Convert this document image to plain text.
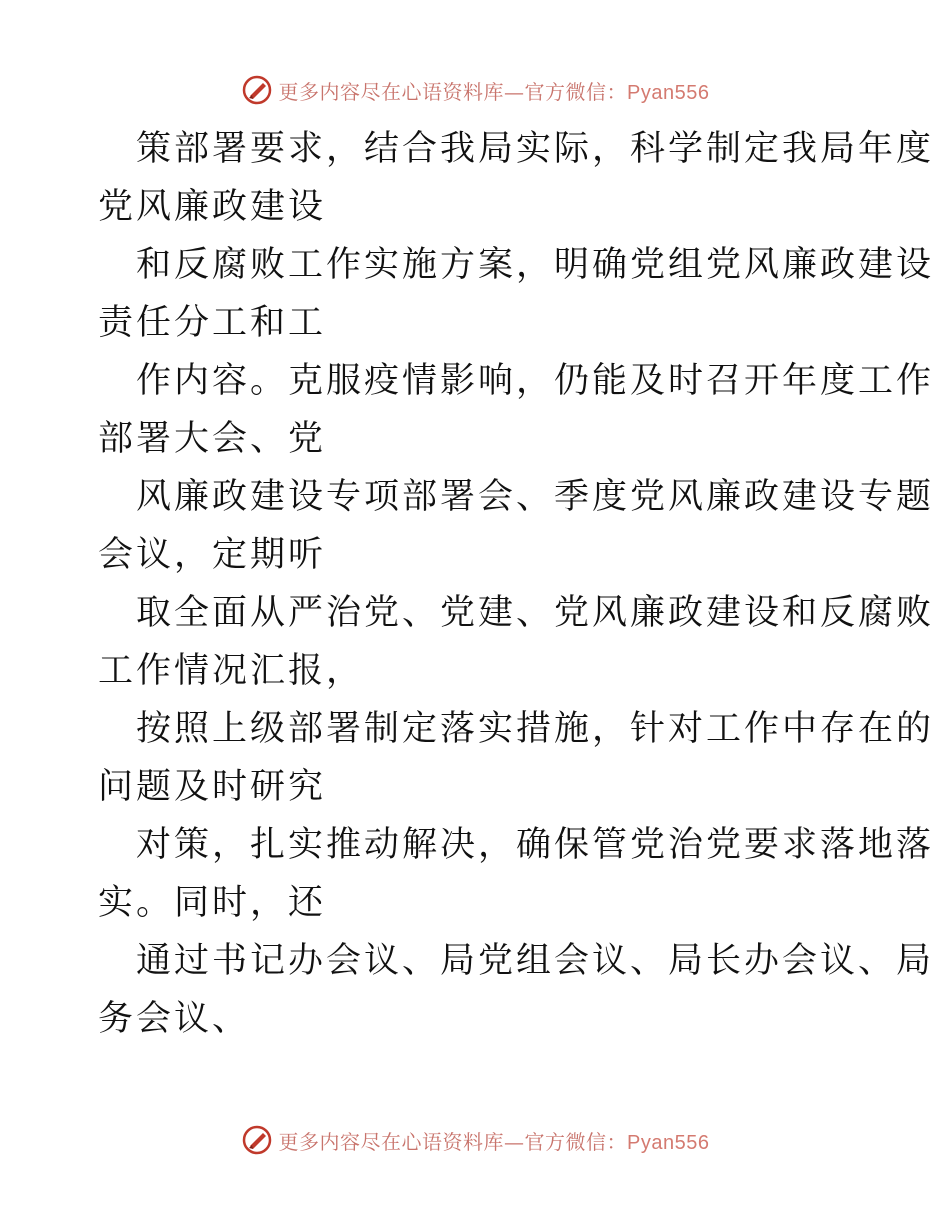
更多内容尽在心语资料库—官方微信：Pyan556

策部署要求，结合我局实际，科学制定我局年度
党风廉政建设

和反腐败工作实施方案，明确党组党风廉政建设
责任分工和工

作内容。克服疫情影响，仍能及时召开年度工作
部署大会、党

风廉政建设专项部署会、季度党风廉政建设专题
会议，定期听

取全面从严治党、党建、党风廉政建设和反腐败
工作情况汇报，

按照上级部署制定落实措施，针对工作中存在的
问题及时研究

对策，扎实推动解决，确保管党治党要求落地落
实。同时，还

通过书记办会议、局党组会议、局长办会议、局
务会议、

更多内容尽在心语资料库—官方微信：Pyan556
